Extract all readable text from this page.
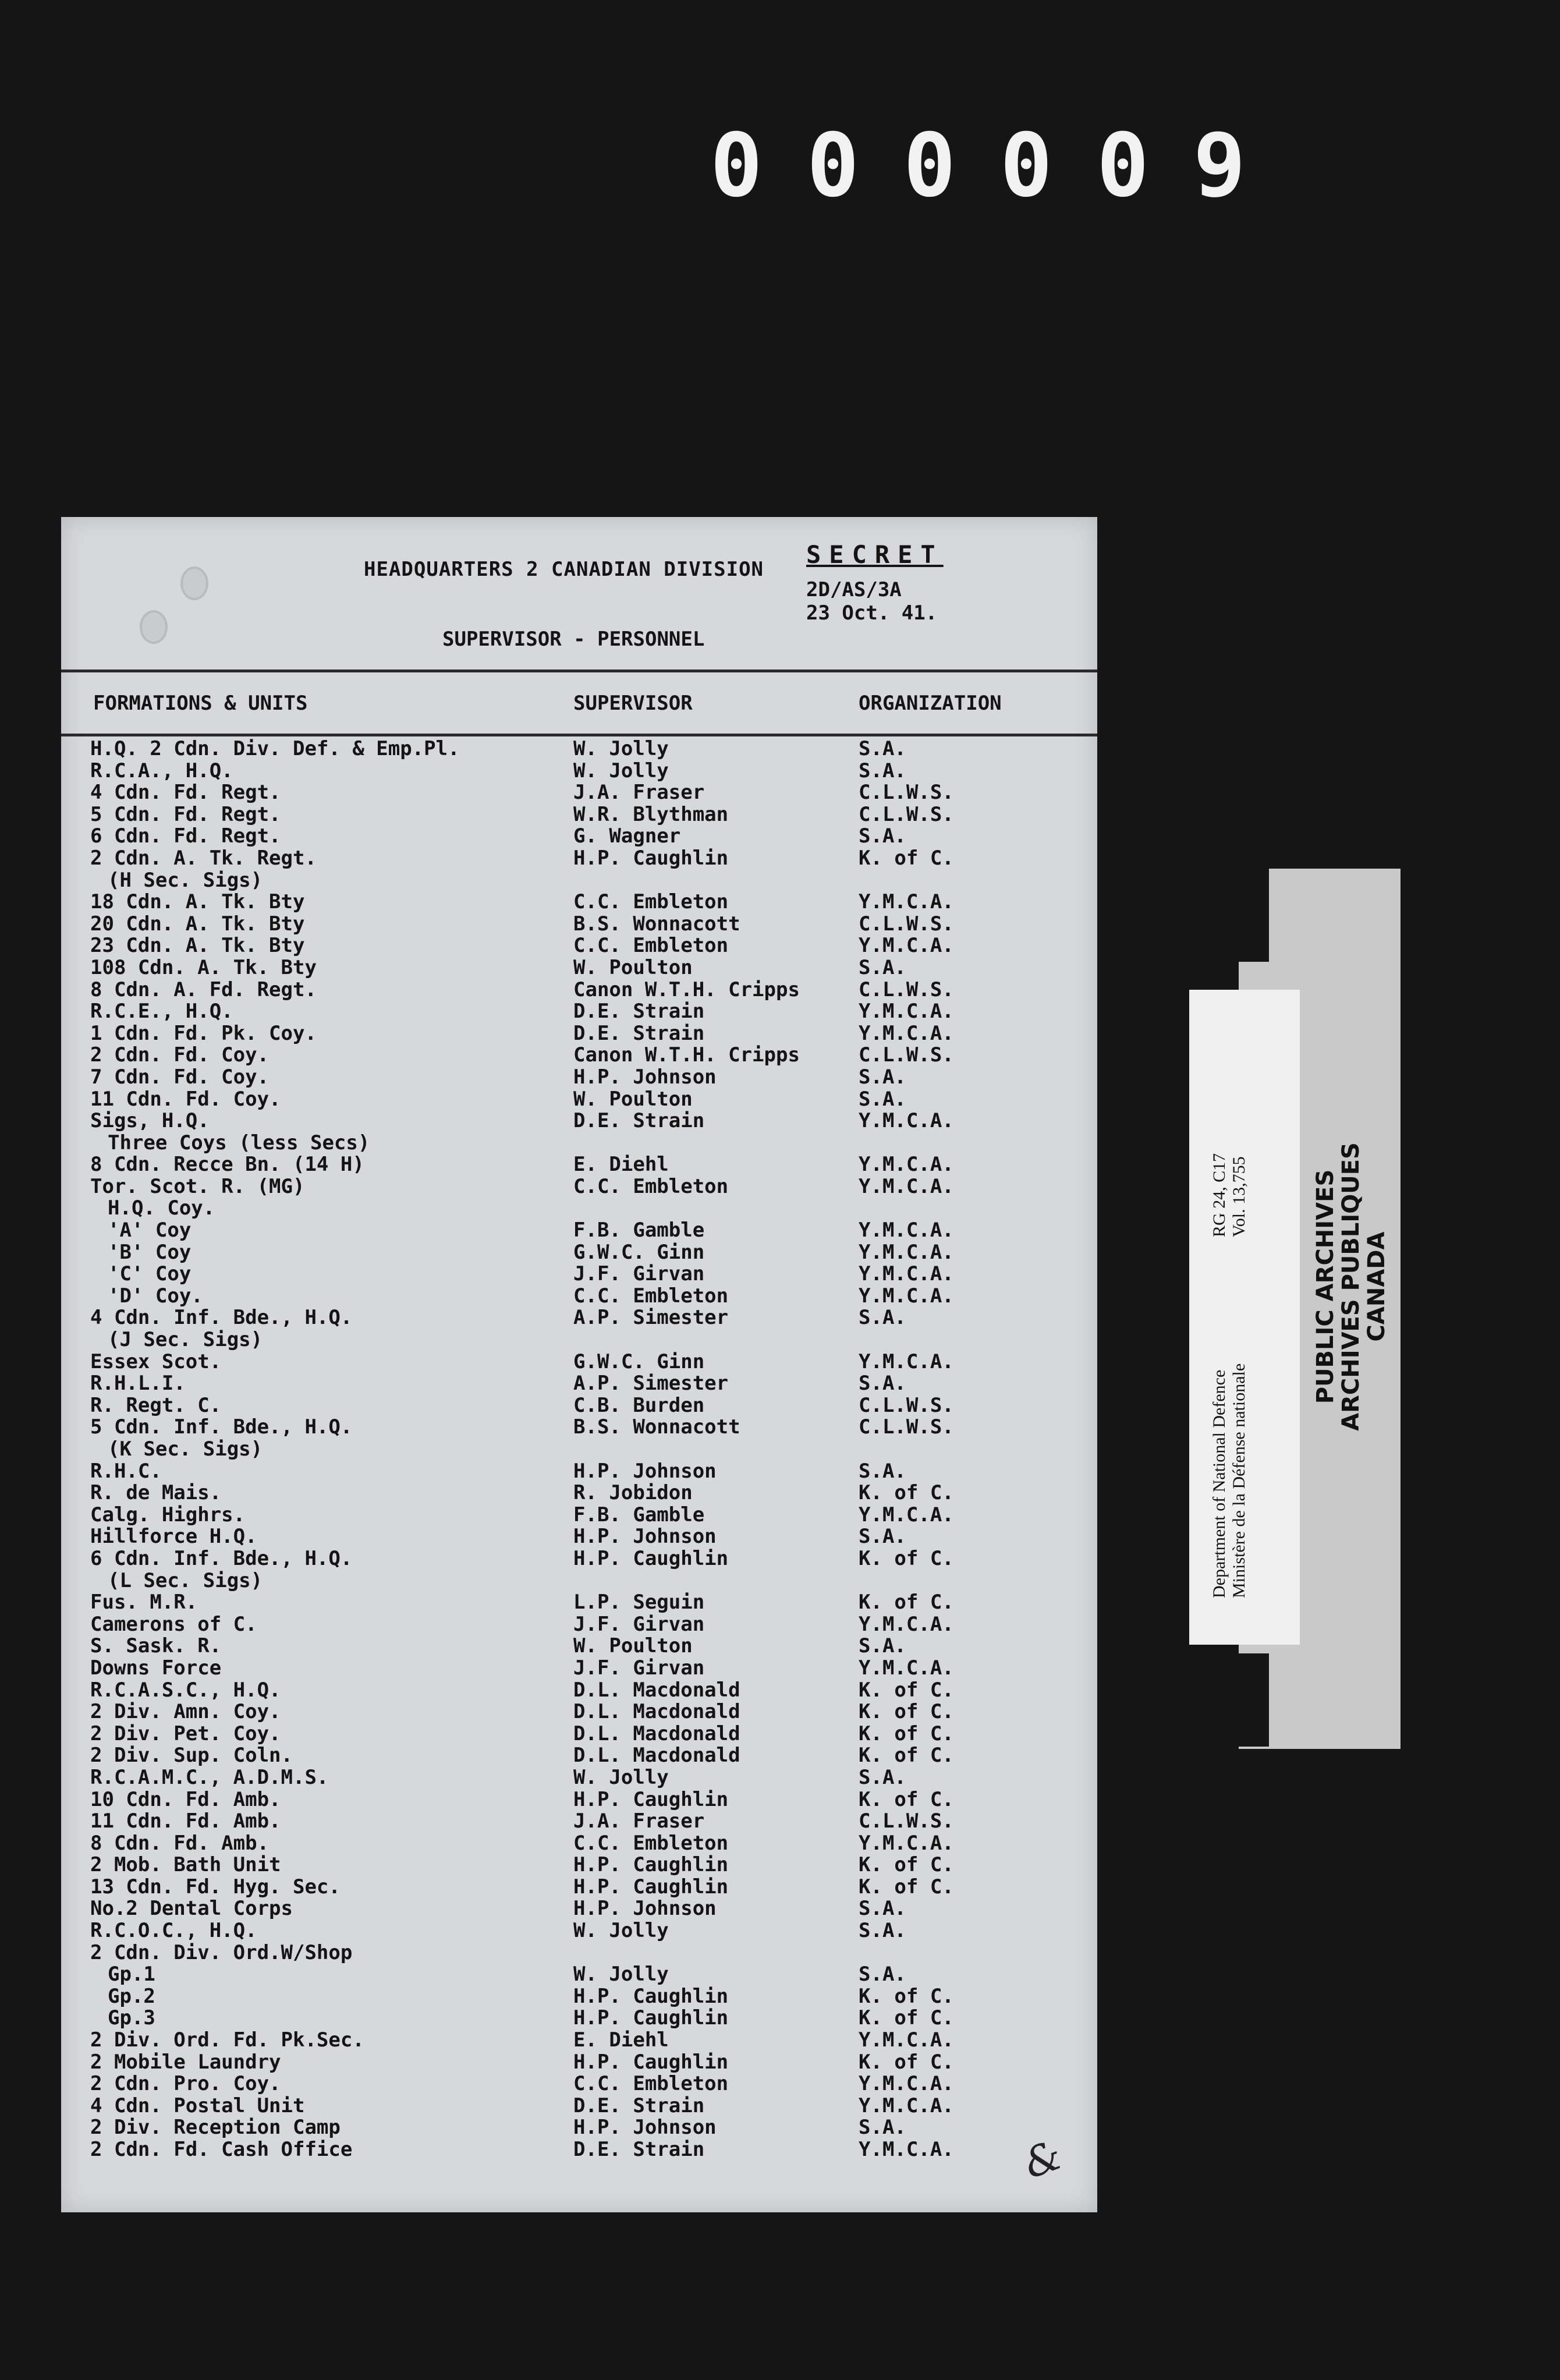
0 0 0 0 0 9
HEADQUARTERS 2 CANADIAN DIVISION
SECRET
2D/AS/3A
23 Oct. 41.
SUPERVISOR - PERSONNEL
FORMATIONS & UNITS	SUPERVISOR	ORGANIZATION
H.Q. 2 Cdn. Div. Def. & Emp.Pl.	W. Jolly	S.A.
R.C.A., H.Q.	W. Jolly	S.A.
4 Cdn. Fd. Regt.	J.A. Fraser	C.L.W.S.
5 Cdn. Fd. Regt.	W.R. Blythman	C.L.W.S.
6 Cdn. Fd. Regt.	G. Wagner	S.A.
2 Cdn. A. Tk. Regt.	H.P. Caughlin	K. of C.
(H Sec. Sigs)
18 Cdn. A. Tk. Bty	C.C. Embleton	Y.M.C.A.
20 Cdn. A. Tk. Bty	B.S. Wonnacott	C.L.W.S.
23 Cdn. A. Tk. Bty	C.C. Embleton	Y.M.C.A.
108 Cdn. A. Tk. Bty	W. Poulton	S.A.
8 Cdn. A. Fd. Regt.	Canon W.T.H. Cripps	C.L.W.S.
R.C.E., H.Q.	D.E. Strain	Y.M.C.A.
1 Cdn. Fd. Pk. Coy.	D.E. Strain	Y.M.C.A.
2 Cdn. Fd. Coy.	Canon W.T.H. Cripps	C.L.W.S.
7 Cdn. Fd. Coy.	H.P. Johnson	S.A.
11 Cdn. Fd. Coy.	W. Poulton	S.A.
Sigs, H.Q.	D.E. Strain	Y.M.C.A.
Three Coys (less Secs)
8 Cdn. Recce Bn. (14 H)	E. Diehl	Y.M.C.A.
Tor. Scot. R. (MG)	C.C. Embleton	Y.M.C.A.
H.Q. Coy.
'A' Coy	F.B. Gamble	Y.M.C.A.
'B' Coy	G.W.C. Ginn	Y.M.C.A.
'C' Coy	J.F. Girvan	Y.M.C.A.
'D' Coy.	C.C. Embleton	Y.M.C.A.
4 Cdn. Inf. Bde., H.Q.	A.P. Simester	S.A.
(J Sec. Sigs)
Essex Scot.	G.W.C. Ginn	Y.M.C.A.
R.H.L.I.	A.P. Simester	S.A.
R. Regt. C.	C.B. Burden	C.L.W.S.
5 Cdn. Inf. Bde., H.Q.	B.S. Wonnacott	C.L.W.S.
(K Sec. Sigs)
R.H.C.	H.P. Johnson	S.A.
R. de Mais.	R. Jobidon	K. of C.
Calg. Highrs.	F.B. Gamble	Y.M.C.A.
Hillforce H.Q.	H.P. Johnson	S.A.
6 Cdn. Inf. Bde., H.Q.	H.P. Caughlin	K. of C.
(L Sec. Sigs)
Fus. M.R.	L.P. Seguin	K. of C.
Camerons of C.	J.F. Girvan	Y.M.C.A.
S. Sask. R.	W. Poulton	S.A.
Downs Force	J.F. Girvan	Y.M.C.A.
R.C.A.S.C., H.Q.	D.L. Macdonald	K. of C.
2 Div. Amn. Coy.	D.L. Macdonald	K. of C.
2 Div. Pet. Coy.	D.L. Macdonald	K. of C.
2 Div. Sup. Coln.	D.L. Macdonald	K. of C.
R.C.A.M.C., A.D.M.S.	W. Jolly	S.A.
10 Cdn. Fd. Amb.	H.P. Caughlin	K. of C.
11 Cdn. Fd. Amb.	J.A. Fraser	C.L.W.S.
8 Cdn. Fd. Amb.	C.C. Embleton	Y.M.C.A.
2 Mob. Bath Unit	H.P. Caughlin	K. of C.
13 Cdn. Fd. Hyg. Sec.	H.P. Caughlin	K. of C.
No.2 Dental Corps	H.P. Johnson	S.A.
R.C.O.C., H.Q.	W. Jolly	S.A.
2 Cdn. Div. Ord.W/Shop
Gp.1	W. Jolly	S.A.
Gp.2	H.P. Caughlin	K. of C.
Gp.3	H.P. Caughlin	K. of C.
2 Div. Ord. Fd. Pk.Sec.	E. Diehl	Y.M.C.A.
2 Mobile Laundry	H.P. Caughlin	K. of C.
2 Cdn. Pro. Coy.	C.C. Embleton	Y.M.C.A.
4 Cdn. Postal Unit	D.E. Strain	Y.M.C.A.
2 Div. Reception Camp	H.P. Johnson	S.A.
2 Cdn. Fd. Cash Office	D.E. Strain	Y.M.C.A. &
PUBLIC ARCHIVES
ARCHIVES PUBLIQUES
CANADA
Department of National Defence Ministère de la Défense nationale
RG 24, C17 Vol. 13,755
